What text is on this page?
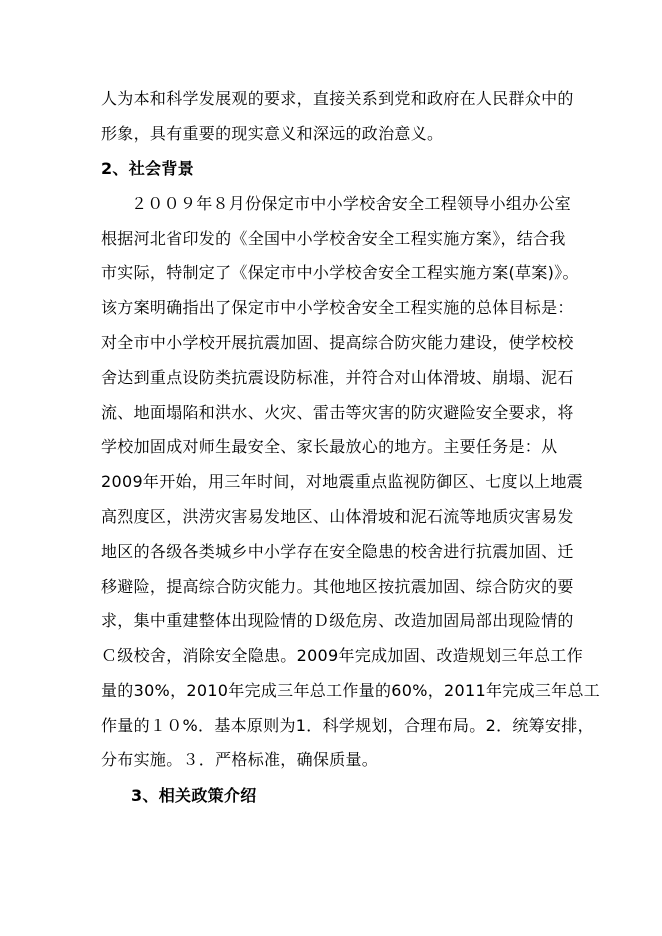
人为本和科学发展观的要求，直接关系到党和政府在人民群众中的
形象，具有重要的现实意义和深远的政治意义。
2、社会背景
２００９年８月份保定市中小学校舍安全工程领导小组办公室
根据河北省印发的《全国中小学校舍安全工程实施方案》，结合我
市实际，特制定了《保定市中小学校舍安全工程实施方案(草案)》。
该方案明确指出了保定市中小学校舍安全工程实施的总体目标是：
对全市中小学校开展抗震加固、提高综合防灾能力建设，使学校校
舍达到重点设防类抗震设防标准，并符合对山体滑坡、崩塌、泥石
流、地面塌陷和洪水、火灾、雷击等灾害的防灾避险安全要求，将
学校加固成对师生最安全、家长最放心的地方。主要任务是：从
2009年开始，用三年时间，对地震重点监视防御区、七度以上地震
高烈度区，洪涝灾害易发地区、山体滑坡和泥石流等地质灾害易发
地区的各级各类城乡中小学存在安全隐患的校舍进行抗震加固、迁
移避险，提高综合防灾能力。其他地区按抗震加固、综合防灾的要
求，集中重建整体出现险情的Ｄ级危房、改造加固局部出现险情的
Ｃ级校舍，消除安全隐患。2009年完成加固、改造规划三年总工作
量的30%，2010年完成三年总工作量的60%，2011年完成三年总工
作量的１０%．基本原则为1．科学规划，合理布局。2．统筹安排，
分布实施。３．严格标准，确保质量。
3、相关政策介绍
